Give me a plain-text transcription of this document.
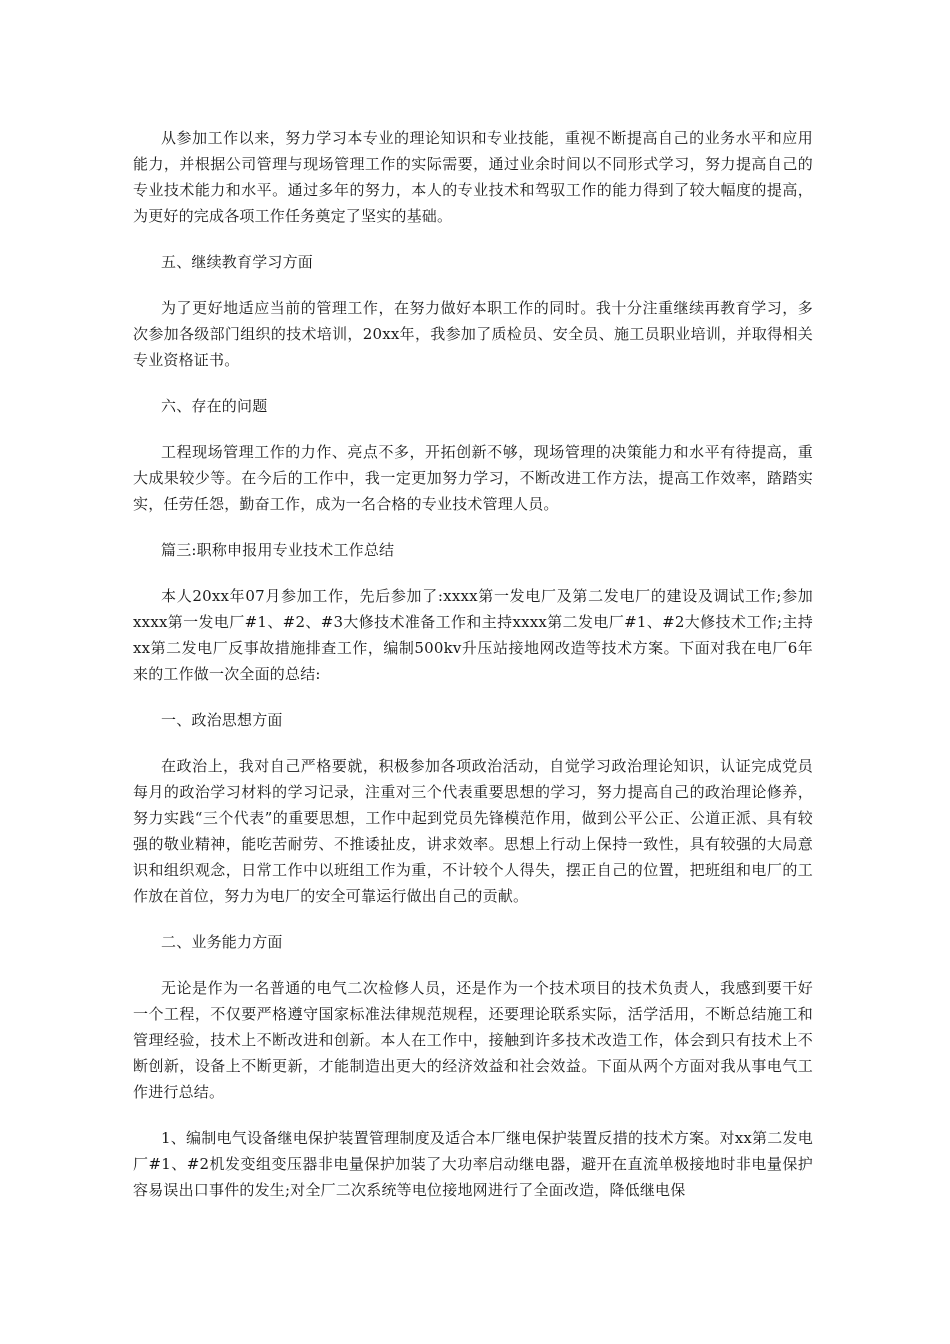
从参加工作以来，努力学习本专业的理论知识和专业技能，重视不断提高自己的业务水平和应用能力，并根据公司管理与现场管理工作的实际需要，通过业余时间以不同形式学习，努力提高自己的专业技术能力和水平。通过多年的努力，本人的专业技术和驾驭工作的能力得到了较大幅度的提高，为更好的完成各项工作任务奠定了坚实的基础。

五、继续教育学习方面

为了更好地适应当前的管理工作，在努力做好本职工作的同时。我十分注重继续再教育学习，多次参加各级部门组织的技术培训，20xx年，我参加了质检员、安全员、施工员职业培训，并取得相关专业资格证书。

六、存在的问题

工程现场管理工作的力作、亮点不多，开拓创新不够，现场管理的决策能力和水平有待提高，重大成果较少等。在今后的工作中，我一定更加努力学习，不断改进工作方法，提高工作效率，踏踏实实，任劳任怨，勤奋工作，成为一名合格的专业技术管理人员。

篇三:职称申报用专业技术工作总结

本人20xx年07月参加工作，先后参加了:xxxx第一发电厂及第二发电厂的建设及调试工作;参加xxxx第一发电厂#1、#2、#3大修技术准备工作和主持xxxx第二发电厂#1、#2大修技术工作;主持xx第二发电厂反事故措施排查工作，编制500kv升压站接地网改造等技术方案。下面对我在电厂6年来的工作做一次全面的总结:

一、政治思想方面

在政治上，我对自己严格要就，积极参加各项政治活动，自觉学习政治理论知识，认证完成党员每月的政治学习材料的学习记录，注重对三个代表重要思想的学习，努力提高自己的政治理论修养，努力实践“三个代表”的重要思想，工作中起到党员先锋模范作用，做到公平公正、公道正派、具有较强的敬业精神，能吃苦耐劳、不推诿扯皮，讲求效率。思想上行动上保持一致性，具有较强的大局意识和组织观念，日常工作中以班组工作为重，不计较个人得失，摆正自己的位置，把班组和电厂的工作放在首位，努力为电厂的安全可靠运行做出自己的贡献。

二、业务能力方面

无论是作为一名普通的电气二次检修人员，还是作为一个技术项目的技术负责人，我感到要干好一个工程，不仅要严格遵守国家标准法律规范规程，还要理论联系实际，活学活用，不断总结施工和管理经验，技术上不断改进和创新。本人在工作中，接触到许多技术改造工作，体会到只有技术上不断创新，设备上不断更新，才能制造出更大的经济效益和社会效益。下面从两个方面对我从事电气工作进行总结。

1、编制电气设备继电保护装置管理制度及适合本厂继电保护装置反措的技术方案。对xx第二发电厂#1、#2机发变组变压器非电量保护加装了大功率启动继电器，避开在直流单极接地时非电量保护容易误出口事件的发生;对全厂二次系统等电位接地网进行了全面改造，降低继电保
